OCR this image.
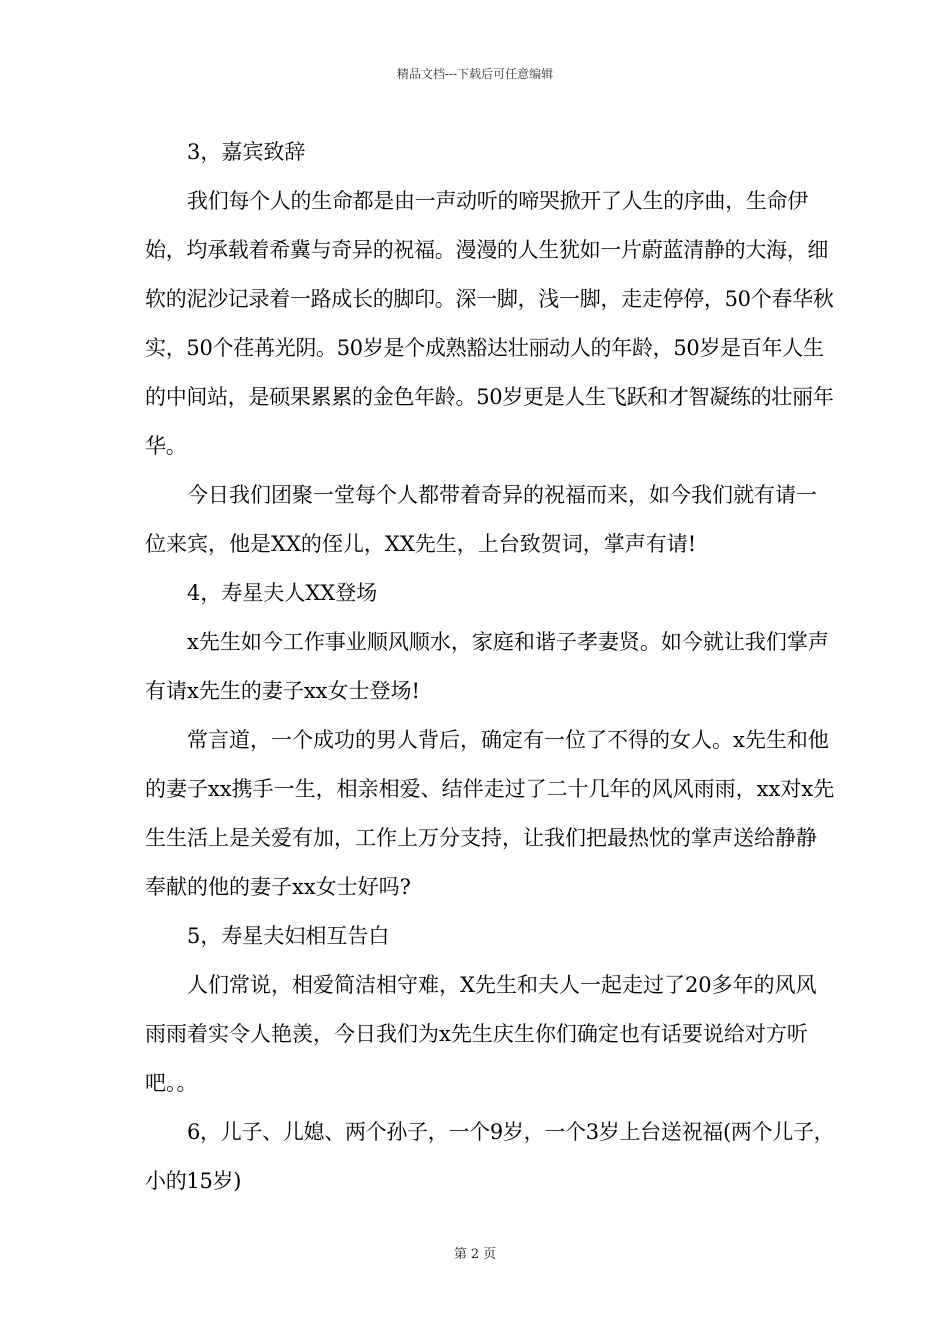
精品文档---下载后可任意编辑

3，嘉宾致辞

我们每个人的生命都是由一声动听的啼哭掀开了人生的序曲，生命伊始，均承载着希冀与奇异的祝福。漫漫的人生犹如一片蔚蓝清静的大海，细软的泥沙记录着一路成长的脚印。深一脚，浅一脚，走走停停，50个春华秋实，50个荏苒光阴。50岁是个成熟豁达壮丽动人的年龄，50岁是百年人生的中间站，是硕果累累的金色年龄。50岁更是人生飞跃和才智凝练的壮丽年华。

今日我们团聚一堂每个人都带着奇异的祝福而来，如今我们就有请一位来宾，他是XX的侄儿，XX先生，上台致贺词，掌声有请!

4，寿星夫人XX登场

x先生如今工作事业顺风顺水，家庭和谐子孝妻贤。如今就让我们掌声有请x先生的妻子xx女士登场!

常言道，一个成功的男人背后，确定有一位了不得的女人。x先生和他的妻子xx携手一生，相亲相爱、结伴走过了二十几年的风风雨雨，xx对x先生生活上是关爱有加，工作上万分支持，让我们把最热忱的掌声送给静静奉献的他的妻子xx女士好吗?

5，寿星夫妇相互告白

人们常说，相爱简洁相守难，X先生和夫人一起走过了20多年的风风雨雨着实令人艳羡，今日我们为x先生庆生你们确定也有话要说给对方听吧。。

6，儿子、儿媳、两个孙子，一个9岁，一个3岁上台送祝福(两个儿子，小的15岁)

第 2 页
